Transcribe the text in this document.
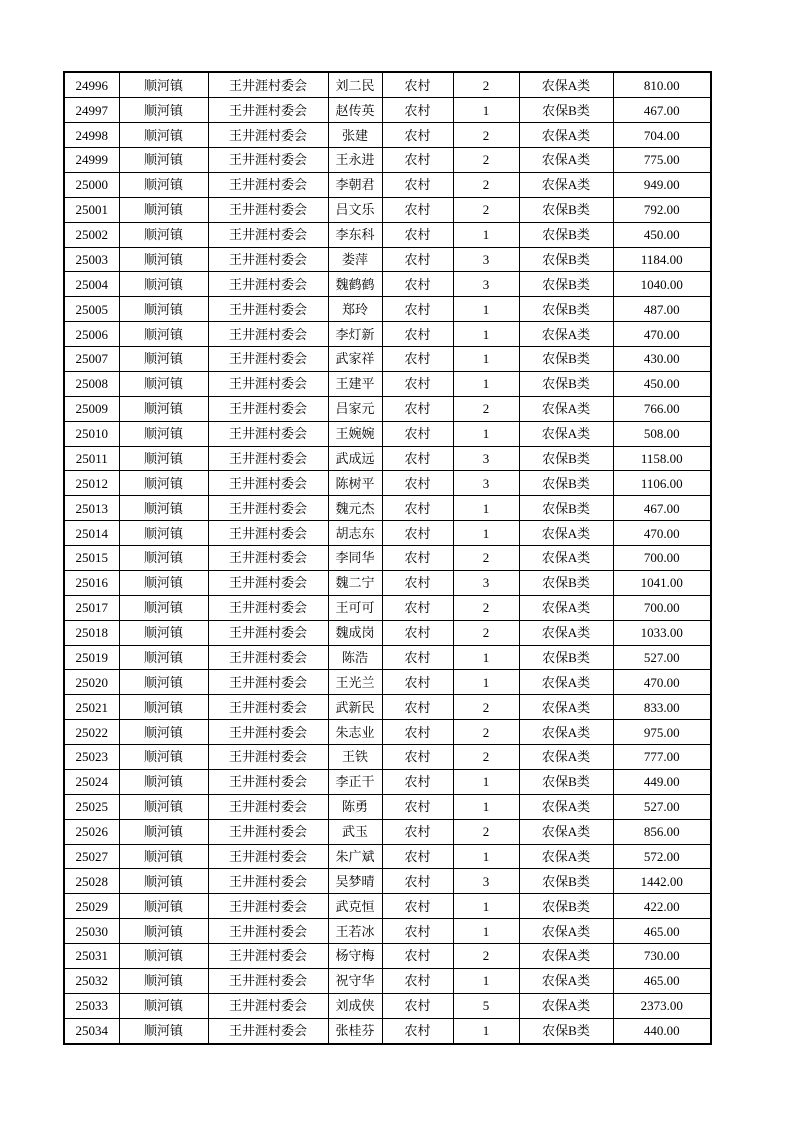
24996	顺河镇	王井涯村委会	刘二民	农村	2	农保A类	810.00
24997	顺河镇	王井涯村委会	赵传英	农村	1	农保B类	467.00
24998	顺河镇	王井涯村委会	张建	农村	2	农保A类	704.00
24999	顺河镇	王井涯村委会	王永进	农村	2	农保A类	775.00
25000	顺河镇	王井涯村委会	李朝君	农村	2	农保A类	949.00
25001	顺河镇	王井涯村委会	吕文乐	农村	2	农保B类	792.00
25002	顺河镇	王井涯村委会	李东科	农村	1	农保B类	450.00
25003	顺河镇	王井涯村委会	娄萍	农村	3	农保B类	1184.00
25004	顺河镇	王井涯村委会	魏鹤鹤	农村	3	农保B类	1040.00
25005	顺河镇	王井涯村委会	郑玲	农村	1	农保B类	487.00
25006	顺河镇	王井涯村委会	李灯新	农村	1	农保A类	470.00
25007	顺河镇	王井涯村委会	武家祥	农村	1	农保B类	430.00
25008	顺河镇	王井涯村委会	王建平	农村	1	农保B类	450.00
25009	顺河镇	王井涯村委会	吕家元	农村	2	农保A类	766.00
25010	顺河镇	王井涯村委会	王婉婉	农村	1	农保A类	508.00
25011	顺河镇	王井涯村委会	武成远	农村	3	农保B类	1158.00
25012	顺河镇	王井涯村委会	陈树平	农村	3	农保B类	1106.00
25013	顺河镇	王井涯村委会	魏元杰	农村	1	农保B类	467.00
25014	顺河镇	王井涯村委会	胡志东	农村	1	农保A类	470.00
25015	顺河镇	王井涯村委会	李同华	农村	2	农保A类	700.00
25016	顺河镇	王井涯村委会	魏二宁	农村	3	农保B类	1041.00
25017	顺河镇	王井涯村委会	王可可	农村	2	农保A类	700.00
25018	顺河镇	王井涯村委会	魏成岗	农村	2	农保A类	1033.00
25019	顺河镇	王井涯村委会	陈浩	农村	1	农保B类	527.00
25020	顺河镇	王井涯村委会	王光兰	农村	1	农保A类	470.00
25021	顺河镇	王井涯村委会	武新民	农村	2	农保A类	833.00
25022	顺河镇	王井涯村委会	朱志业	农村	2	农保A类	975.00
25023	顺河镇	王井涯村委会	王铁	农村	2	农保A类	777.00
25024	顺河镇	王井涯村委会	李正干	农村	1	农保B类	449.00
25025	顺河镇	王井涯村委会	陈勇	农村	1	农保A类	527.00
25026	顺河镇	王井涯村委会	武玉	农村	2	农保A类	856.00
25027	顺河镇	王井涯村委会	朱广斌	农村	1	农保A类	572.00
25028	顺河镇	王井涯村委会	吴梦晴	农村	3	农保B类	1442.00
25029	顺河镇	王井涯村委会	武克恒	农村	1	农保B类	422.00
25030	顺河镇	王井涯村委会	王若冰	农村	1	农保A类	465.00
25031	顺河镇	王井涯村委会	杨守梅	农村	2	农保A类	730.00
25032	顺河镇	王井涯村委会	祝守华	农村	1	农保A类	465.00
25033	顺河镇	王井涯村委会	刘成侠	农村	5	农保A类	2373.00
25034	顺河镇	王井涯村委会	张桂芬	农村	1	农保B类	440.00
